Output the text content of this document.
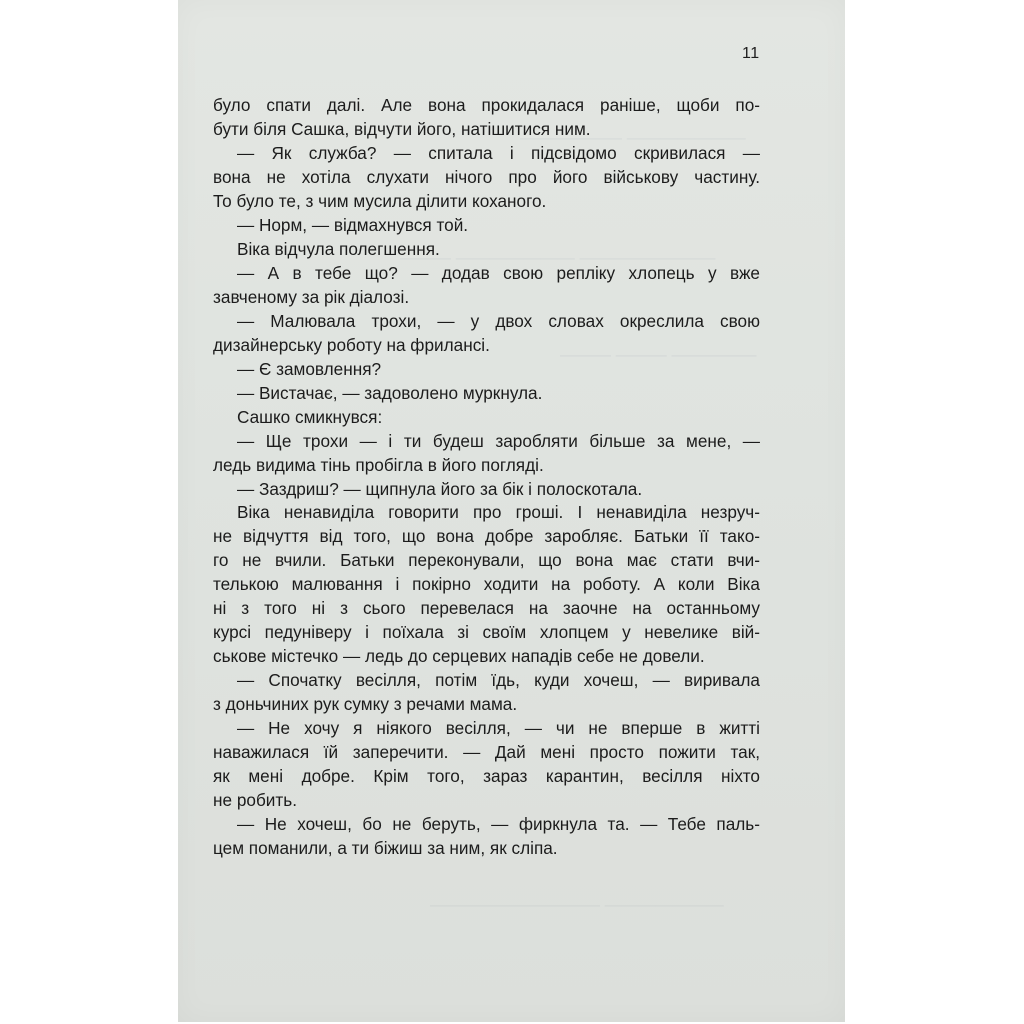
——————— ——————
———————— ——————— ———
————— ——— ———
——————— ——————————
11
було спати далі. Але вона прокидалася раніше, щоби по-
бути біля Сашка, відчути його, натішитися ним.
— Як служба? — спитала і підсвідомо скривилася —
вона не хотіла слухати нічого про його військову частину.
То було те, з чим мусила ділити коханого.
— Норм, — відмахнувся той.
Віка відчула полегшення.
— А в тебе що? — додав свою репліку хлопець у вже
завченому за рік діалозі.
— Малювала трохи, — у двох словах окреслила свою
дизайнерську роботу на фрилансі.
— Є замовлення?
— Вистачає, — задоволено муркнула.
Сашко смикнувся:
— Ще трохи — і ти будеш заробляти більше за мене, —
ледь видима тінь пробігла в його погляді.
— Заздриш? — щипнула його за бік і полоскотала.
Віка ненавиділа говорити про гроші. І ненавиділа незруч-
не відчуття від того, що вона добре заробляє. Батьки її тако-
го не вчили. Батьки переконували, що вона має стати вчи-
телькою малювання і покірно ходити на роботу. А коли Віка
ні з того ні з сього перевелася на заочне на останньому
курсі педуніверу і поїхала зі своїм хлопцем у невелике вій-
ськове містечко — ледь до серцевих нападів себе не довели.
— Спочатку весілля, потім їдь, куди хочеш, — виривала
з доньчиних рук сумку з речами мама.
— Не хочу я ніякого весілля, — чи не вперше в житті
наважилася їй заперечити. — Дай мені просто пожити так,
як мені добре. Крім того, зараз карантин, весілля ніхто
не робить.
— Не хочеш, бо не беруть, — фиркнула та. — Тебе паль-
цем поманили, а ти біжиш за ним, як сліпа.
